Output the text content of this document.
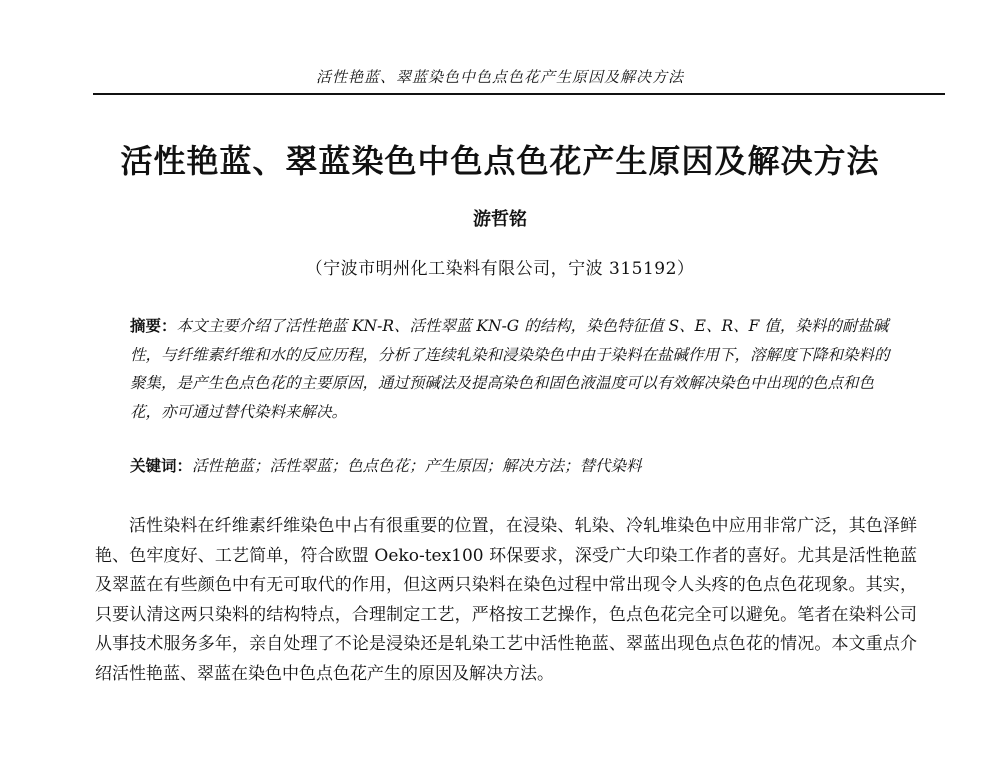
活性艳蓝、翠蓝染色中色点色花产生原因及解决方法
活性艳蓝、翠蓝染色中色点色花产生原因及解决方法
游哲铭
（宁波市明州化工染料有限公司，宁波 315192）
摘要：本文主要介绍了活性艳蓝 KN-R、活性翠蓝 KN-G 的结构，染色特征值 S、E、R、F 值，染料的耐盐碱性，与纤维素纤维和水的反应历程，分析了连续轧染和浸染染色中由于染料在盐碱作用下，溶解度下降和染料的聚集，是产生色点色花的主要原因，通过预碱法及提高染色和固色液温度可以有效解决染色中出现的色点和色花，亦可通过替代染料来解决。
关键词：活性艳蓝；活性翠蓝；色点色花；产生原因；解决方法；替代染料

活性染料在纤维素纤维染色中占有很重要的位置，在浸染、轧染、冷轧堆染色中应用非常广泛，其色泽鲜艳、色牢度好、工艺简单，符合欧盟 Oeko-tex100 环保要求，深受广大印染工作者的喜好。尤其是活性艳蓝及翠蓝在有些颜色中有无可取代的作用，但这两只染料在染色过程中常出现令人头疼的色点色花现象。其实，只要认清这两只染料的结构特点，合理制定工艺，严格按工艺操作，色点色花完全可以避免。笔者在染料公司从事技术服务多年，亲自处理了不论是浸染还是轧染工艺中活性艳蓝、翠蓝出现色点色花的情况。本文重点介绍活性艳蓝、翠蓝在染色中色点色花产生的原因及解决方法。
